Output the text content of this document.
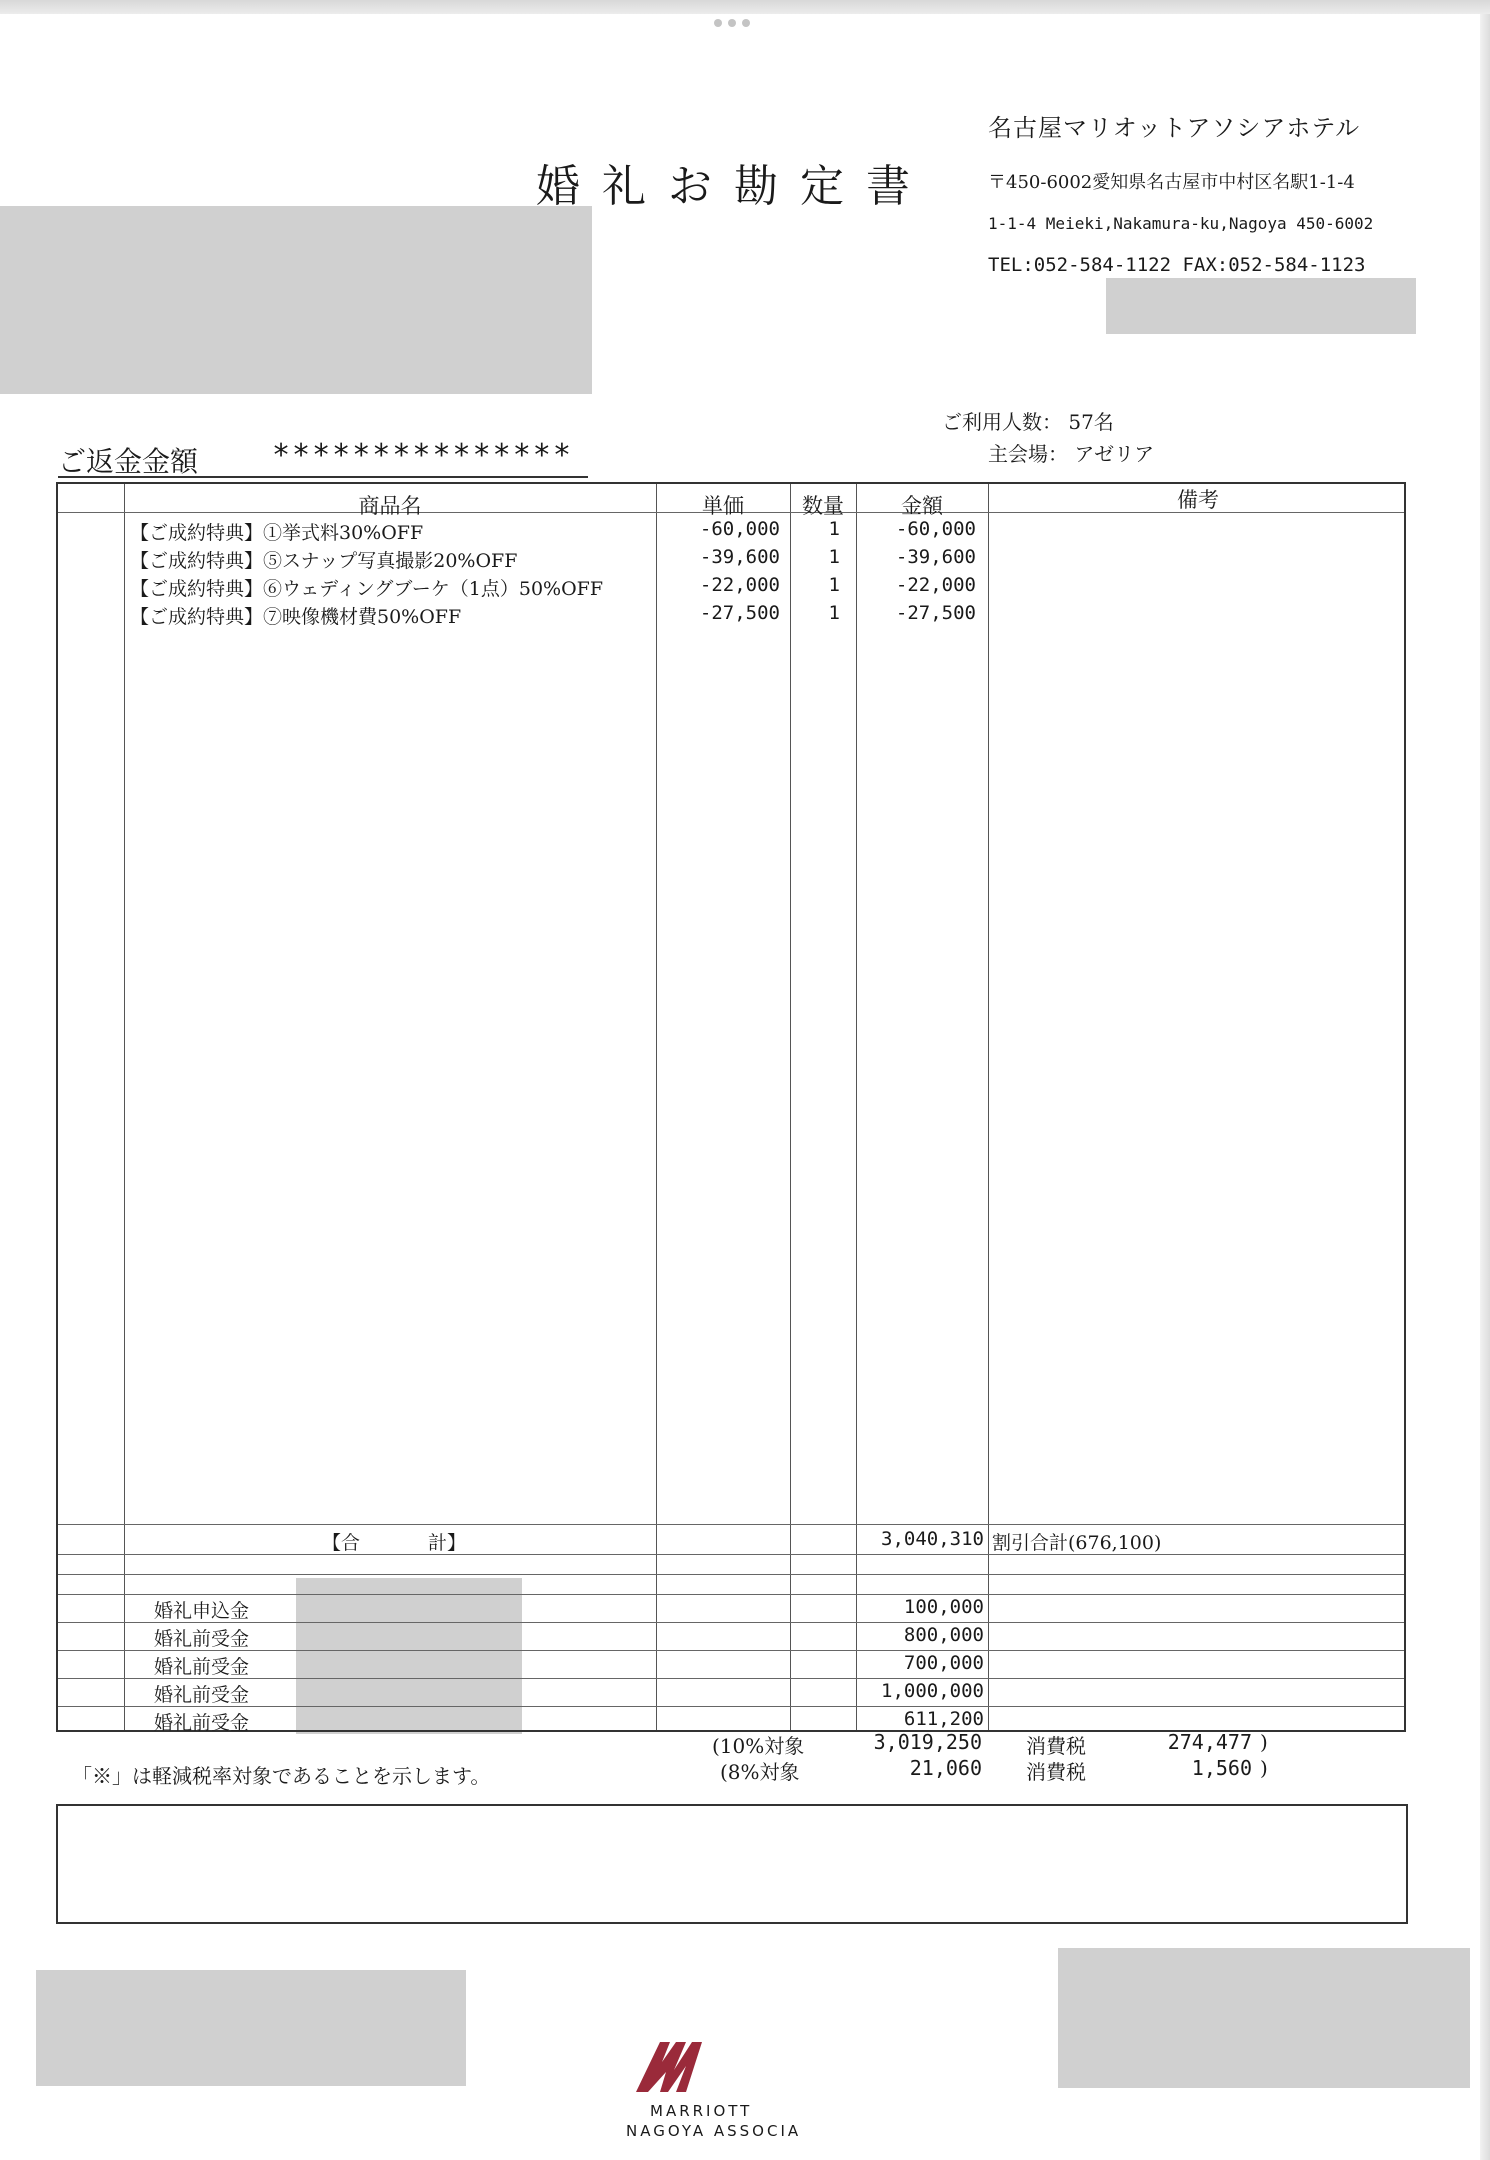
名古屋マリオットアソシアホテル
婚礼お勘定書	〒450-6002愛知県名古屋市中村区名駅1-1-4
1-1-4 Meieki,Nakamura-ku,Nagoya 450-6002
TEL:052-584-1122 FAX:052-584-1123
ご利用人数： 57名
主会場： アゼリア
ご返金金額 ***************
商品名	単価	数量	金額	備考
【ご成約特典】①挙式料30%OFF	-60,000	1	-60,000
【ご成約特典】⑤スナップ写真撮影20%OFF	-39,600	1	-39,600
【ご成約特典】⑥ウェディングブーケ（1点）50%OFF	-22,000	1	-22,000
【ご成約特典】⑦映像機材費50%OFF	-27,500	1	-27,500
【合	計】	3,040,310 割引合計(676,100)
婚礼申込金	100,000
婚礼前受金	800,000
婚礼前受金	700,000
婚礼前受金	1,000,000
婚礼前受金	611,200
(10%対象	3,019,250 消費税	274,477 )
(8%対象	21,060 消費税	1,560 )
「※」は軽減税率対象であることを示します。
MARRIOTT
NAGOYA ASSOCIA
